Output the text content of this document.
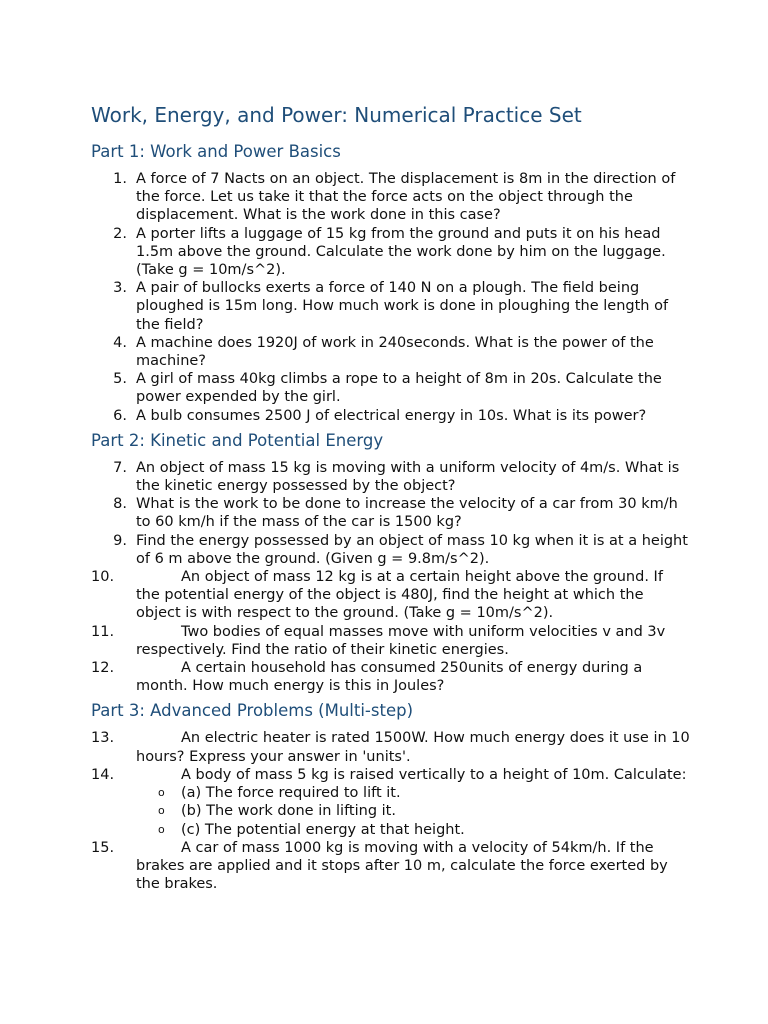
Work, Energy, and Power: Numerical Practice Set
Part 1: Work and Power Basics
1. A force of 7 Nacts on an object. The displacement is 8m in the direction of the force. Let us take it that the force acts on the object through the displacement. What is the work done in this case?
2. A porter lifts a luggage of 15 kg from the ground and puts it on his head 1.5m above the ground. Calculate the work done by him on the luggage. (Take g = 10m/s^2).
3. A pair of bullocks exerts a force of 140 N on a plough. The field being ploughed is 15m long. How much work is done in ploughing the length of the field?
4. A machine does 1920J of work in 240seconds. What is the power of the machine?
5. A girl of mass 40kg climbs a rope to a height of 8m in 20s. Calculate the power expended by the girl.
6. A bulb consumes 2500 J of electrical energy in 10s. What is its power?
Part 2: Kinetic and Potential Energy
7. An object of mass 15 kg is moving with a uniform velocity of 4m/s. What is the kinetic energy possessed by the object?
8. What is the work to be done to increase the velocity of a car from 30 km/h to 60 km/h if the mass of the car is 1500 kg?
9. Find the energy possessed by an object of mass 10 kg when it is at a height of 6 m above the ground. (Given g = 9.8m/s^2).
10.	An object of mass 12 kg is at a certain height above the ground. If the potential energy of the object is 480J, find the height at which the object is with respect to the ground. (Take g = 10m/s^2).
11.	Two bodies of equal masses move with uniform velocities v and 3v respectively. Find the ratio of their kinetic energies.
12.	A certain household has consumed 250units of energy during a month. How much energy is this in Joules?
Part 3: Advanced Problems (Multi-step)
13.	An electric heater is rated 1500W. How much energy does it use in 10 hours? Express your answer in 'units'.
14.	A body of mass 5 kg is raised vertically to a height of 10m. Calculate:
o (a) The force required to lift it.
o (b) The work done in lifting it.
o (c) The potential energy at that height.
15.	A car of mass 1000 kg is moving with a velocity of 54km/h. If the brakes are applied and it stops after 10 m, calculate the force exerted by the brakes.
